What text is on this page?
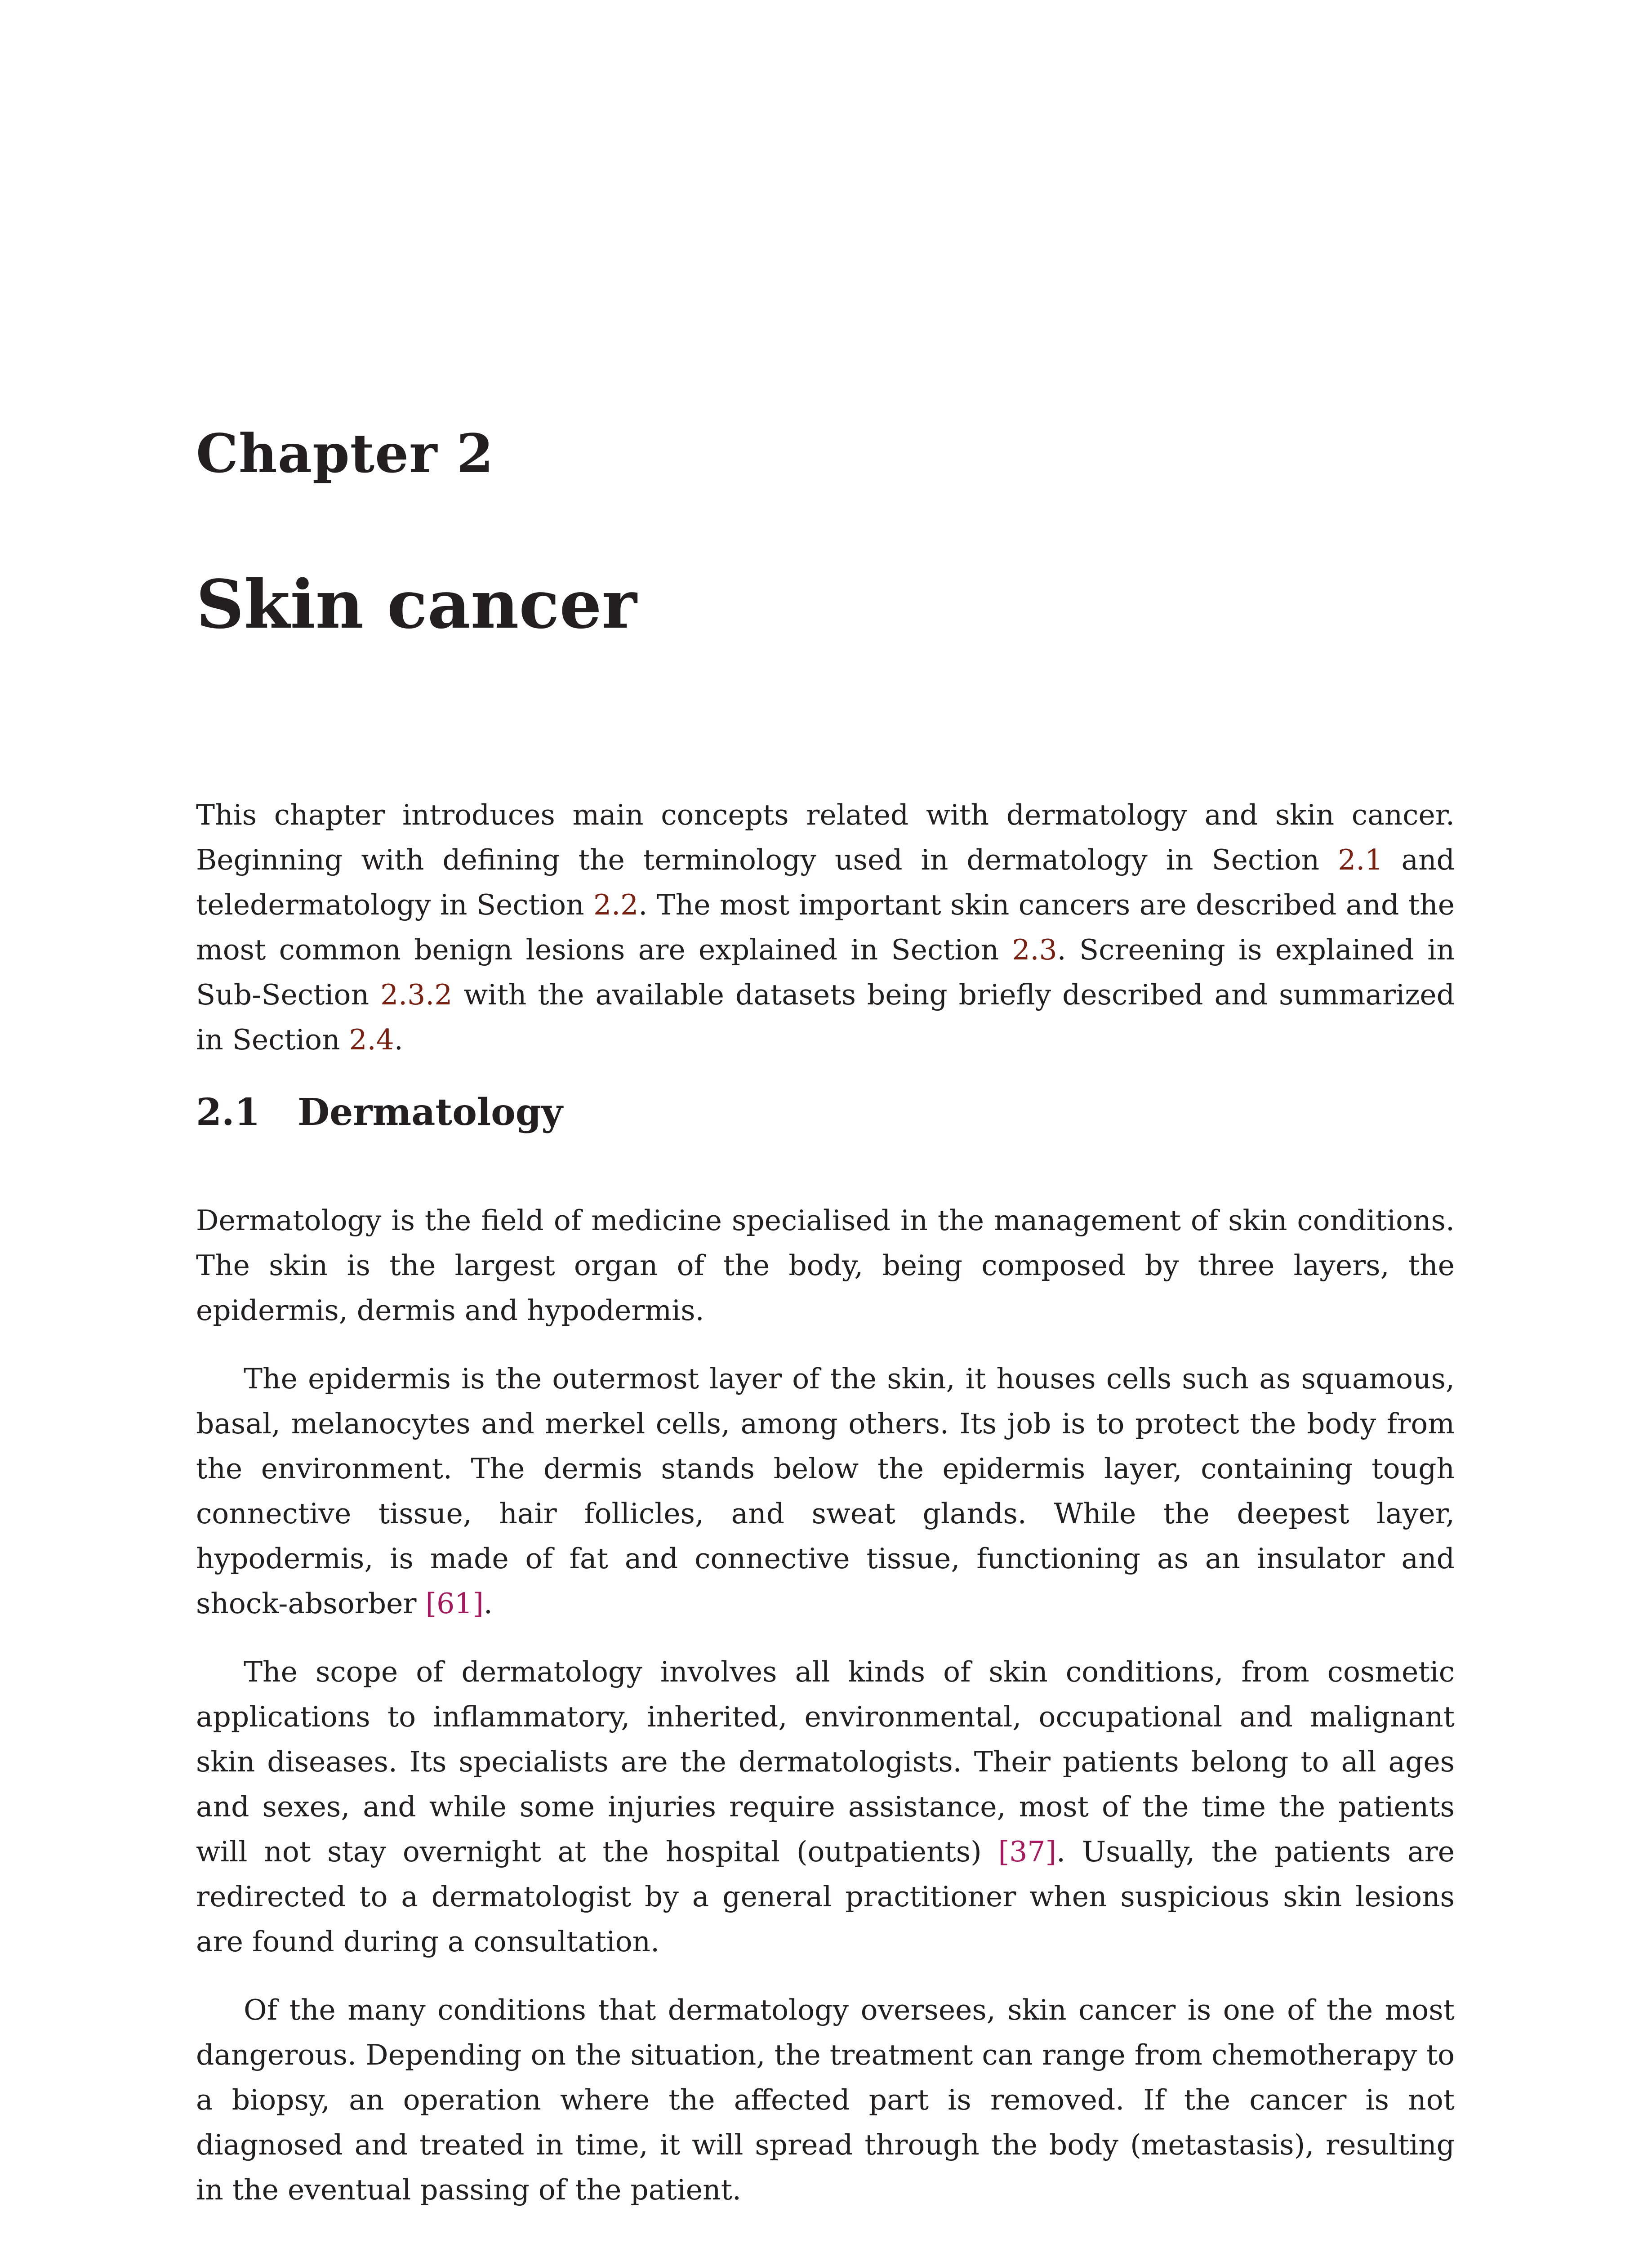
Chapter 2
Skin cancer

This chapter introduces main concepts related with dermatology and skin cancer. Beginning with defining the terminology used in dermatology in Section 2.1 and teledermatology in Section 2.2. The most important skin cancers are described and the most common benign lesions are explained in Section 2.3. Screening is explained in Sub-Section 2.3.2 with the available datasets being briefly described and summarized in Section 2.4.

2.1 Dermatology

Dermatology is the field of medicine specialised in the management of skin conditions. The skin is the largest organ of the body, being composed by three layers, the epidermis, dermis and hypodermis.

The epidermis is the outermost layer of the skin, it houses cells such as squamous, basal, melanocytes and merkel cells, among others. Its job is to protect the body from the environment. The dermis stands below the epidermis layer, containing tough connective tissue, hair follicles, and sweat glands. While the deepest layer, hypodermis, is made of fat and connective tissue, functioning as an insulator and shock-absorber [61].

The scope of dermatology involves all kinds of skin conditions, from cosmetic applications to inflammatory, inherited, environmental, occupational and malignant skin diseases. Its specialists are the dermatologists. Their patients belong to all ages and sexes, and while some injuries require assistance, most of the time the patients will not stay overnight at the hospital (outpatients) [37]. Usually, the patients are redirected to a dermatologist by a general practitioner when suspicious skin lesions are found during a consultation.

Of the many conditions that dermatology oversees, skin cancer is one of the most dangerous. Depending on the situation, the treatment can range from chemotherapy to a biopsy, an operation where the affected part is removed. If the cancer is not diagnosed and treated in time, it will spread through the body (metastasis), resulting in the eventual passing of the patient.
